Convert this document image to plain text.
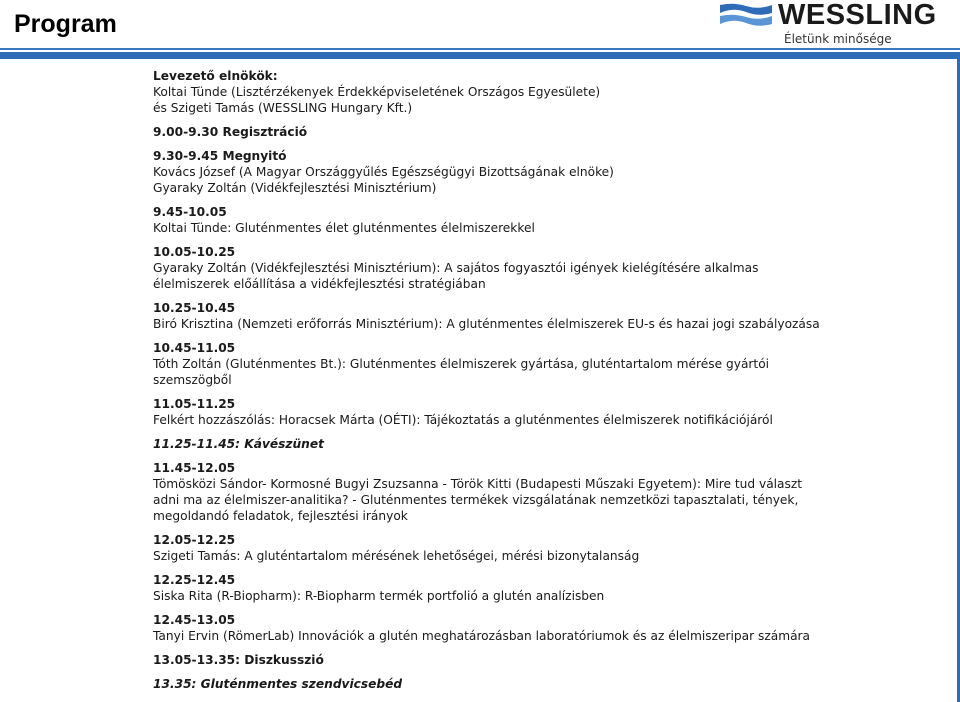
Program	WESSLING
Életünk minősége
Levezető elnökök:
Koltai Tünde (Lisztérzékenyek Érdekképviseletének Országos Egyesülete)
és Szigeti Tamás (WESSLING Hungary Kft.)
9.00-9.30 Regisztráció
9.30-9.45 Megnyitó
Kovács József (A Magyar Országgyűlés Egészségügyi Bizottságának elnöke)
Gyaraky Zoltán (Vidékfejlesztési Minisztérium)
9.45-10.05
Koltai Tünde: Gluténmentes élet gluténmentes élelmiszerekkel
10.05-10.25
Gyaraky Zoltán (Vidékfejlesztési Minisztérium): A sajátos fogyasztói igények kielégítésére alkalmas
élelmiszerek előállítása a vidékfejlesztési stratégiában
10.25-10.45
Biró Krisztina (Nemzeti erőforrás Minisztérium): A gluténmentes élelmiszerek EU-s és hazai jogi szabályozása
10.45-11.05
Tóth Zoltán (Gluténmentes Bt.): Gluténmentes élelmiszerek gyártása, gluténtartalom mérése gyártói
szemszögből
11.05-11.25
Felkért hozzászólás: Horacsek Márta (OÉTI): Tájékoztatás a gluténmentes élelmiszerek notifikációjáról
11.25-11.45: Kávészünet
11.45-12.05
Tömösközi Sándor- Kormosné Bugyi Zsuzsanna - Török Kitti (Budapesti Műszaki Egyetem): Mire tud választ
adni ma az élelmiszer-analitika? - Gluténmentes termékek vizsgálatának nemzetközi tapasztalati, tények,
megoldandó feladatok, fejlesztési irányok
12.05-12.25
Szigeti Tamás: A gluténtartalom mérésének lehetőségei, mérési bizonytalanság
12.25-12.45
Siska Rita (R-Biopharm): R-Biopharm termék portfolió a glutén analízisben
12.45-13.05
Tanyi Ervin (RömerLab) Innovációk a glutén meghatározásban laboratóriumok és az élelmiszeripar számára
13.05-13.35: Diszkusszió
13.35: Gluténmentes szendvicsebéd
